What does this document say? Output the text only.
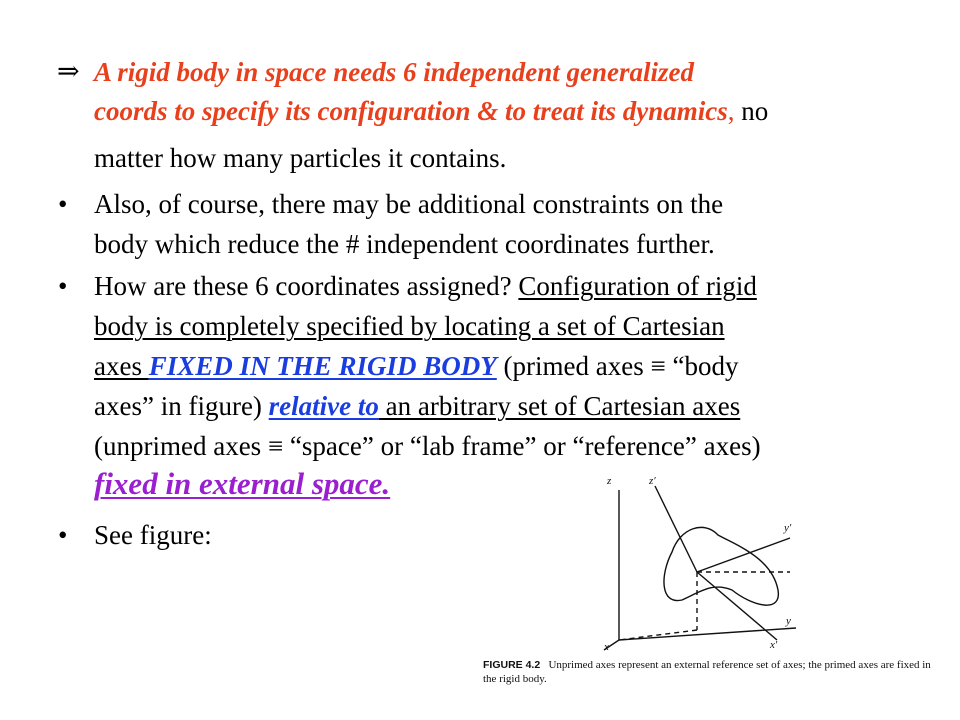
⇒ A rigid body in space needs 6 independent generalized
coords to specify its configuration & to treat its dynamics, no
matter how many particles it contains.
• Also, of course, there may be additional constraints on the
body which reduce the # independent coordinates further.
• How are these 6 coordinates assigned? Configuration of rigid
body is completely specified by locating a set of Cartesian
axes FIXED IN THE RIGID BODY (primed axes ≡ “body
axes” in figure) relative to an arbitrary set of Cartesian axes
(unprimed axes ≡ “space” or “lab frame” or “reference” axes)
fixed in external space.
• See figure:
z	z′
y′
y
x	x′
FIGURE 4.2 Unprimed axes represent an external reference set of axes; the primed axes are fixed in the rigid body.
